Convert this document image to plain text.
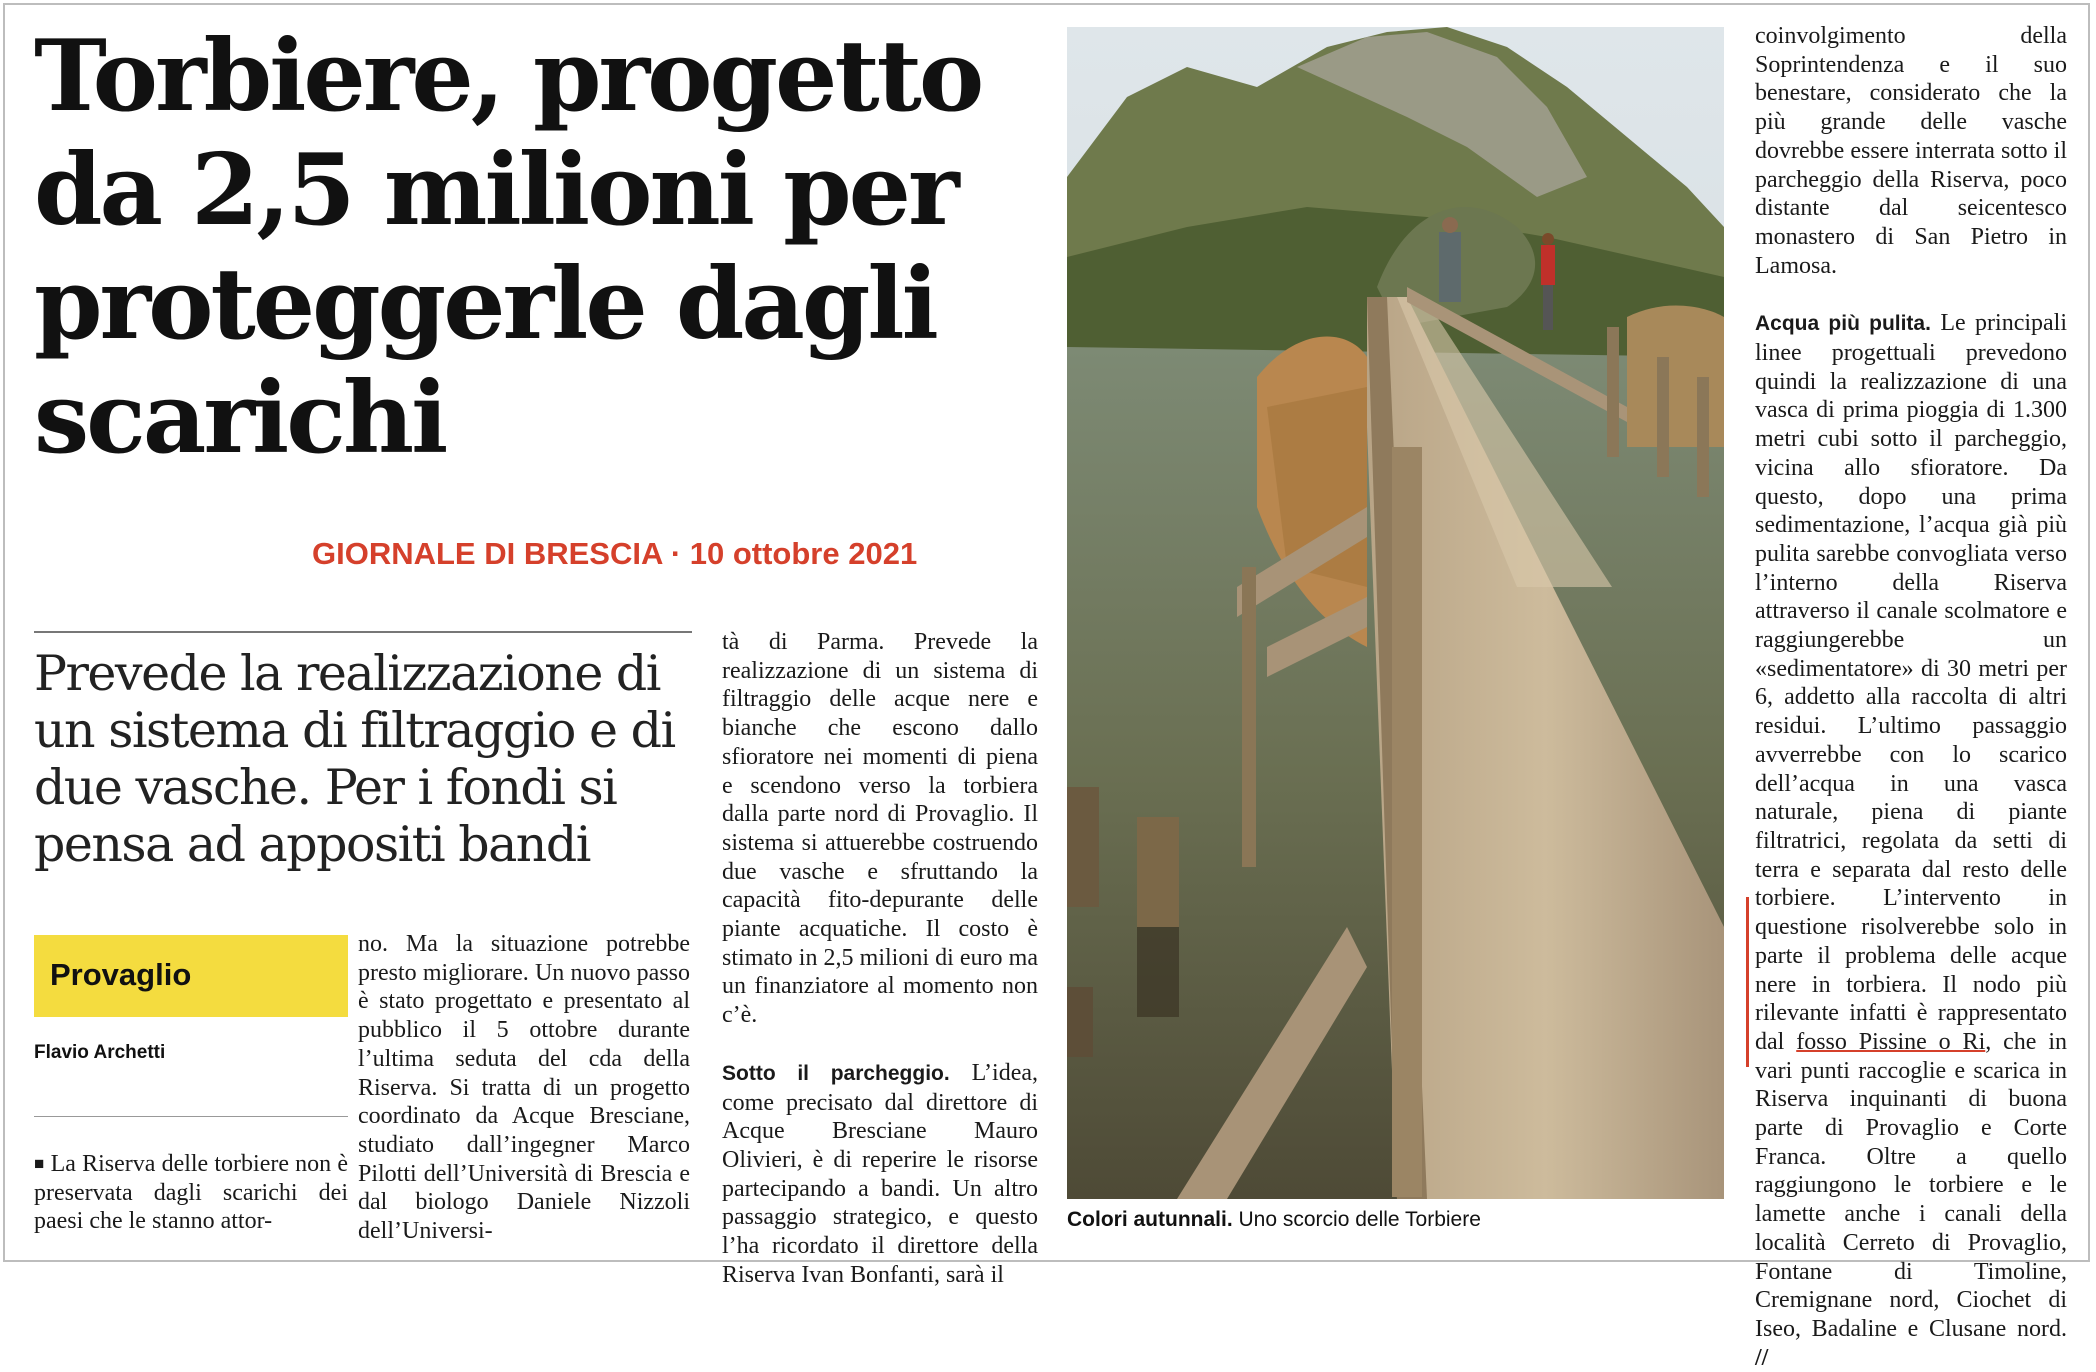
Torbiere, progetto da 2,5 milioni per proteggerle dagli scarichi
GIORNALE DI BRESCIA · 10 ottobre 2021
Prevede la realizzazione di un sistema di filtraggio e di due vasche. Per i fondi si pensa ad appositi bandi
Provaglio
Flavio Archetti

■ La Riserva delle torbiere non è preservata dagli scarichi dei paesi che le stanno attor-

no. Ma la situazione potrebbe presto migliorare. Un nuovo passo è stato progettato e presentato al pubblico il 5 ottobre durante l’ultima seduta del cda della Riserva. Si tratta di un progetto coordinato da Acque Bresciane, studiato dall’ingegner Marco Pilotti dell’Università di Brescia e dal biologo Daniele Nizzoli dell’Universi-

tà di Parma. Prevede la realizzazione di un sistema di filtraggio delle acque nere e bianche che escono dallo sfioratore nei momenti di piena e scendono verso la torbiera dalla parte nord di Provaglio. Il sistema si attuerebbe costruendo due vasche e sfruttando la capacità fito-depurante delle piante acquatiche. Il costo è stimato in 2,5 milioni di euro ma un finanziatore al momento non c’è.

Sotto il parcheggio. L’idea, come precisato dal direttore di Acque Bresciane Mauro Olivieri, è di reperire le risorse partecipando a bandi. Un altro passaggio strategico, e questo l’ha ricordato il direttore della Riserva Ivan Bonfanti, sarà il

coinvolgimento della Soprintendenza e il suo benestare, considerato che la più grande delle vasche dovrebbe essere interrata sotto il parcheggio della Riserva, poco distante dal seicentesco monastero di San Pietro in Lamosa.

Acqua più pulita. Le principali linee progettuali prevedono quindi la realizzazione di una vasca di prima pioggia di 1.300 metri cubi sotto il parcheggio, vicina allo sfioratore. Da questo, dopo una prima sedimentazione, l’acqua già più pulita sarebbe convogliata verso l’interno della Riserva attraverso il canale scolmatore e raggiungerebbe un «sedimentatore» di 30 metri per 6, addetto alla raccolta di altri residui. L’ultimo passaggio avverrebbe con lo scarico dell’acqua in una vasca naturale, piena di piante filtratrici, regolata da setti di terra e separata dal resto delle torbiere. L’intervento in questione risolverebbe solo in parte il problema delle acque nere in torbiera. Il nodo più rilevante infatti è rappresentato dal fosso Pissine o Ri, che in vari punti raccoglie e scarica in Riserva inquinanti di buona parte di Provaglio e Corte Franca. Oltre a quello raggiungono le torbiere e le lamette anche i canali della località Cerreto di Provaglio, Fontane di Timoline, Cremignane nord, Ciochet di Iseo, Badaline e Clusane nord. //

Colori autunnali. Uno scorcio delle Torbiere
